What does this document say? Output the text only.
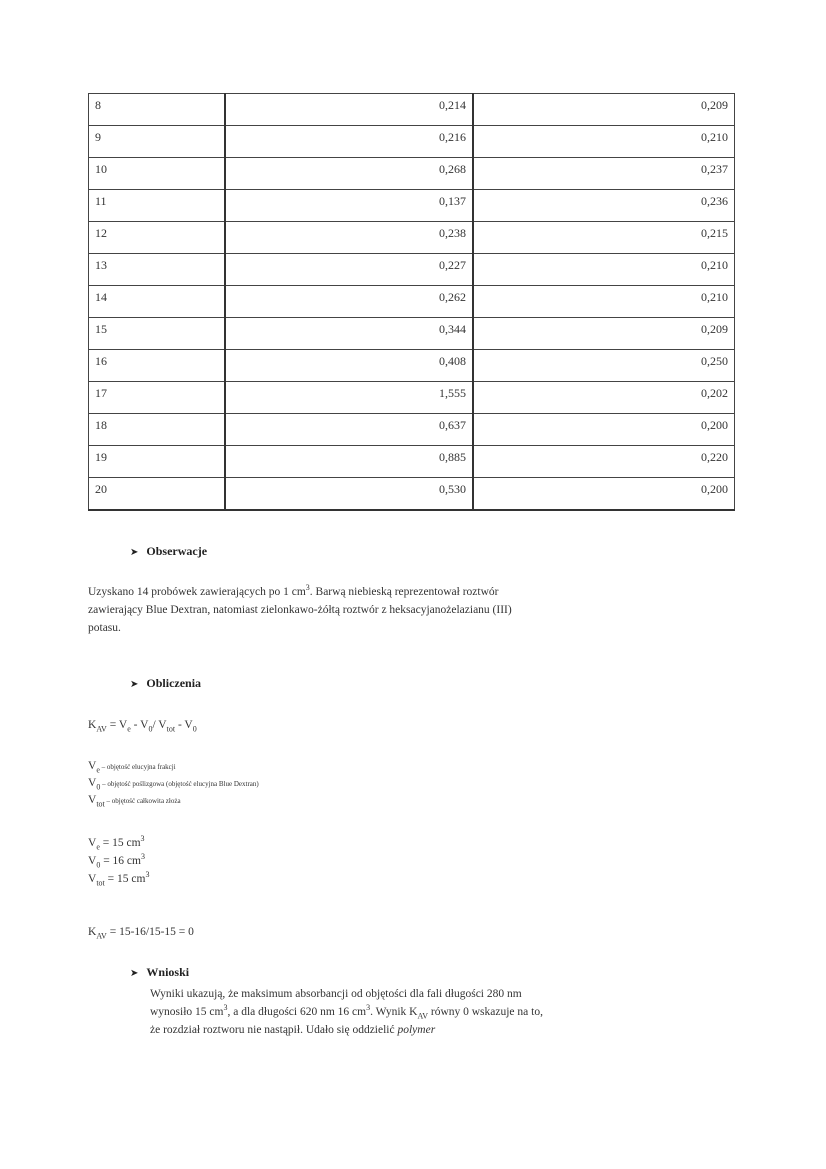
8	0,214	0,209
9	0,216	0,210
10	0,268	0,237
11	0,137	0,236
12	0,238	0,215
13	0,227	0,210
14	0,262	0,210
15	0,344	0,209
16	0,408	0,250
17	1,555	0,202
18	0,637	0,200
19	0,885	0,220
20	0,530	0,200
➤ Obserwacje
Uzyskano 14 probówek zawierających po 1 $cm^3$. Barwą niebieską reprezentował roztwór
zawierający Blue Dextran, natomiast zielonkawo-żółtą roztwór z heksacyjanożelazianu (III)
potasu.
➤ Obliczenia
$K_{AV} = V_e - V_0/$ $V_{tot} - V_0$
$V_e$ – objętość elucyjna frakcji
$V_0$ – objętość poślizgowa (objętość elucyjna Blue Dextran)
$V_{tot}$ – objętość całkowita złoża
$V_e = 15$ $cm^3$
$V_0 = 16$ $cm^3$
$V_{tot} = 15$ $cm^3$
$K_{AV} = 15-16/15-15 = 0$
➤ Wnioski
Wyniki ukazują, że maksimum absorbancji od objętości dla fali długości 280 nm
wynosiło 15 $cm^3$, a dla długości 620 nm 16 $cm^3$. Wynik $K_{AV}$ równy 0 wskazuje na to,
że rozdział roztworu nie nastąpił. Udało się oddzielić polymer
